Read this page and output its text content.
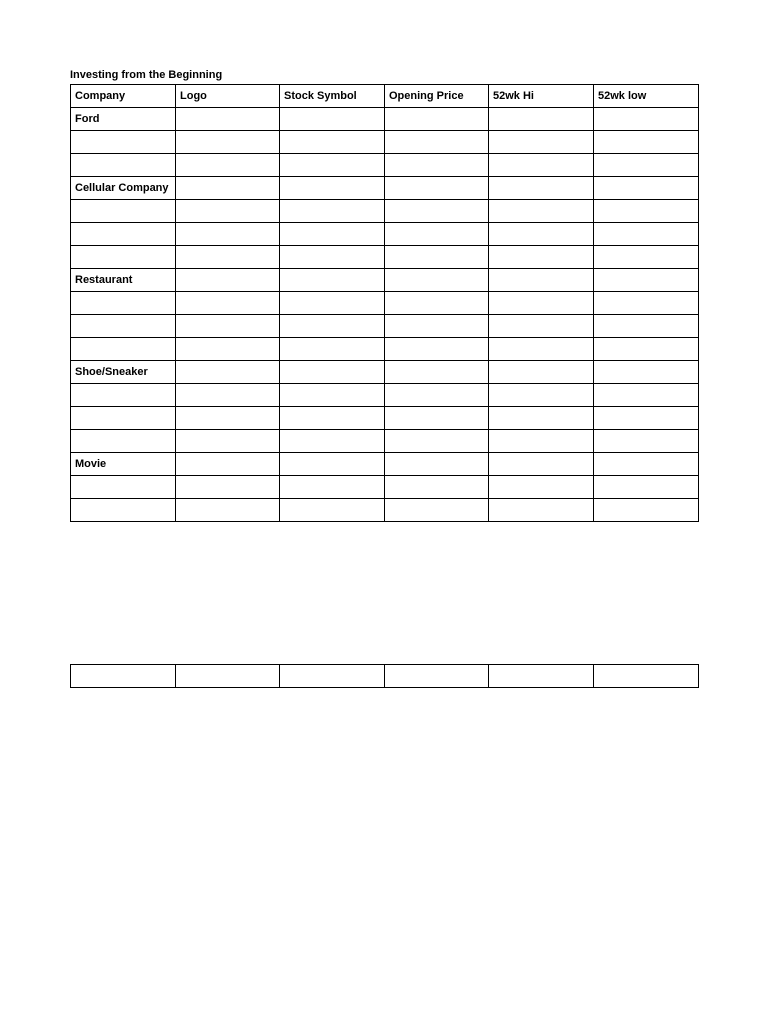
Investing from the Beginning
Company	Logo	Stock Symbol	Opening Price	52wk Hi	52wk low
Ford					

Cellular Company					

Restaurant					

Shoe/Sneaker					

Movie					
